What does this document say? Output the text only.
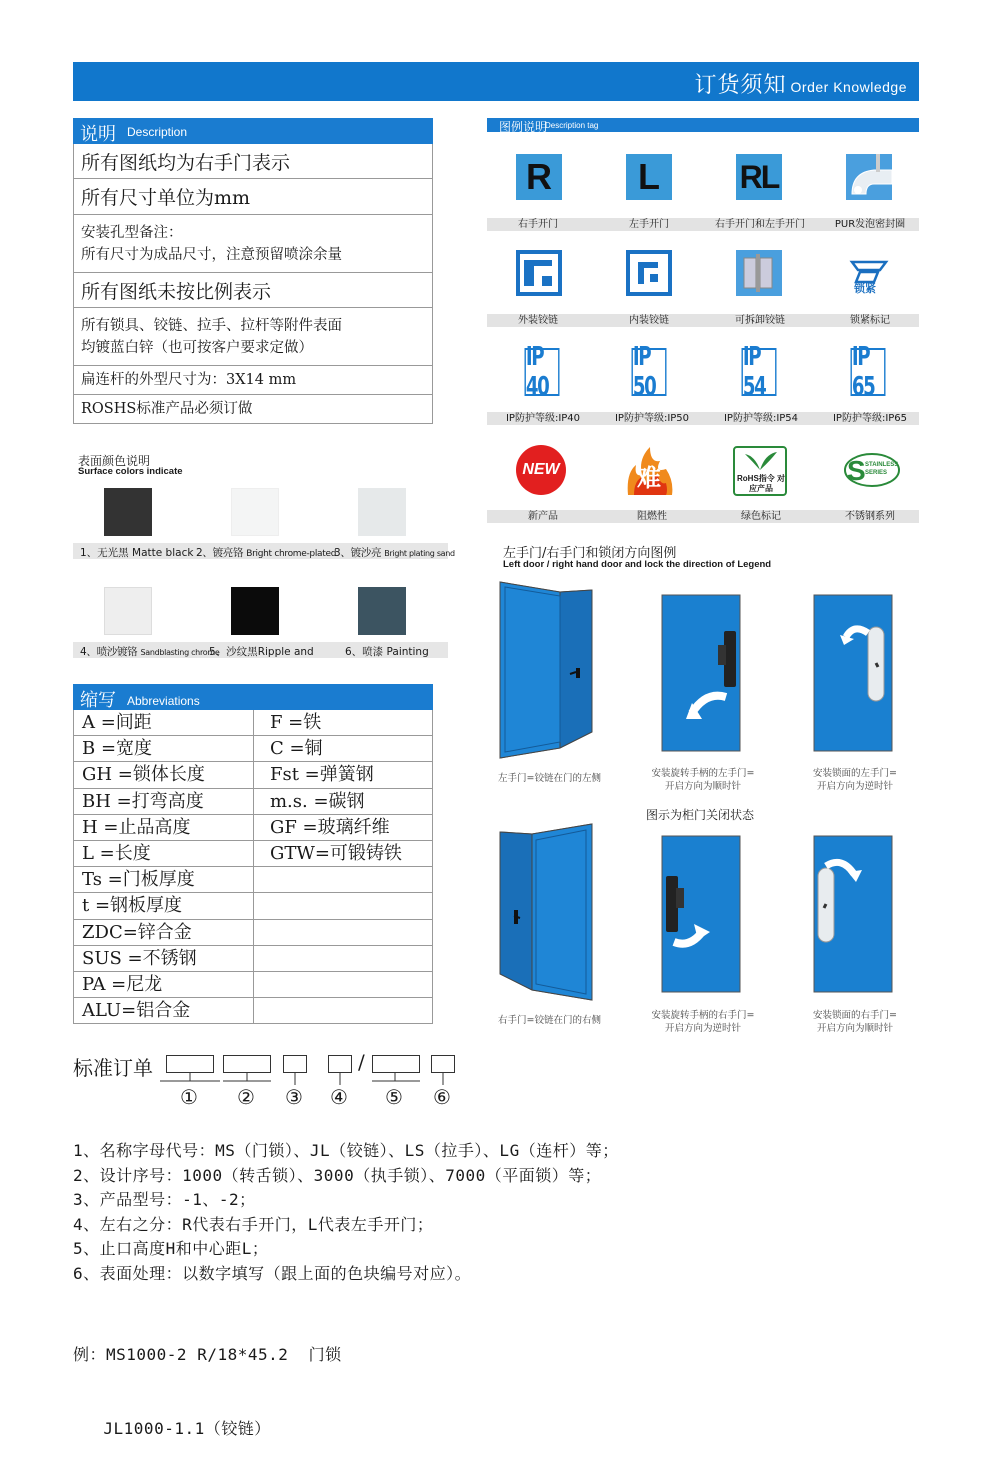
订货须知 Order Knowledge
说明 Description
所有图纸均为右手门表示
所有尺寸单位为mm
安装孔型备注：
所有尺寸为成品尺寸，注意预留喷涂余量
所有图纸未按比例表示
所有锁具、铰链、拉手、拉杆等附件表面
均镀蓝白锌（也可按客户要求定做）
扁连杆的外型尺寸为：3X14 mm
ROSHS标准产品必须订做
表面颜色说明
Surface colors indicate
1、无光黑 Matte black 2、镀亮铬 Bright chrome-plated
3、镀沙亮 Bright plating sand
4、喷沙镀铬 Sandblasting chrome
5、沙纹黑Ripple and	6、喷漆 Painting
缩写 Abbreviations
A =间距	F =铁
B =宽度	C =铜
GH =锁体长度	Fst =弹簧钢
BH =打弯高度	m.s. =碳钢
H =止品高度	GF =玻璃纤维
L =长度	GTW=可锻铸铁
Ts =门板厚度
t =钢板厚度
ZDC=锌合金
SUS =不锈钢
PA =尼龙
ALU=铝合金
图例说明
Description tag
R L RL
右手开门	左手开门	右手开门和左手开门	PUR发泡密封圈
锁紧
外装铰链	内装铰链	可拆卸铰链	锁紧标记
IP 40
IP 50
IP 54
IP 65
IP防护等级:IP40	IP防护等级:IP50	IP防护等级:IP54	IP防护等级:IP65
NEW	难	RoHS指令 对应产品
S STAINLESS SERIES
新产品	阻燃性	绿色标记	不锈钢系列
左手门/右手门和锁闭方向图例
Left door / right hand door and lock the direction of Legend
左手门=铰链在门的左侧	安装旋转手柄的左手门=
开启方向为顺时针
安装锁面的左手门=
开启方向为逆时针
图示为柜门关闭状态
右手门=铰链在门的右侧	安装旋转手柄的右手门=
开启方向为逆时针
安装锁面的右手门=
开启方向为顺时针
标准订单	/
① ② ③ ④ ⑤ ⑥
1、名称字母代号：MS（门锁）、JL（铰链）、LS（拉手）、LG（连杆）等；
2、设计序号：1000（转舌锁）、3000（执手锁）、7000（平面锁）等；
3、产品型号：-1、-2；
4、左右之分：R代表右手开门，L代表左手开门；
5、止口高度H和中心距L；
6、表面处理：以数字填写（跟上面的色块编号对应）。

例：MS1000-2 R/18*45.2  门锁

JL1000-1.1（铰链）
